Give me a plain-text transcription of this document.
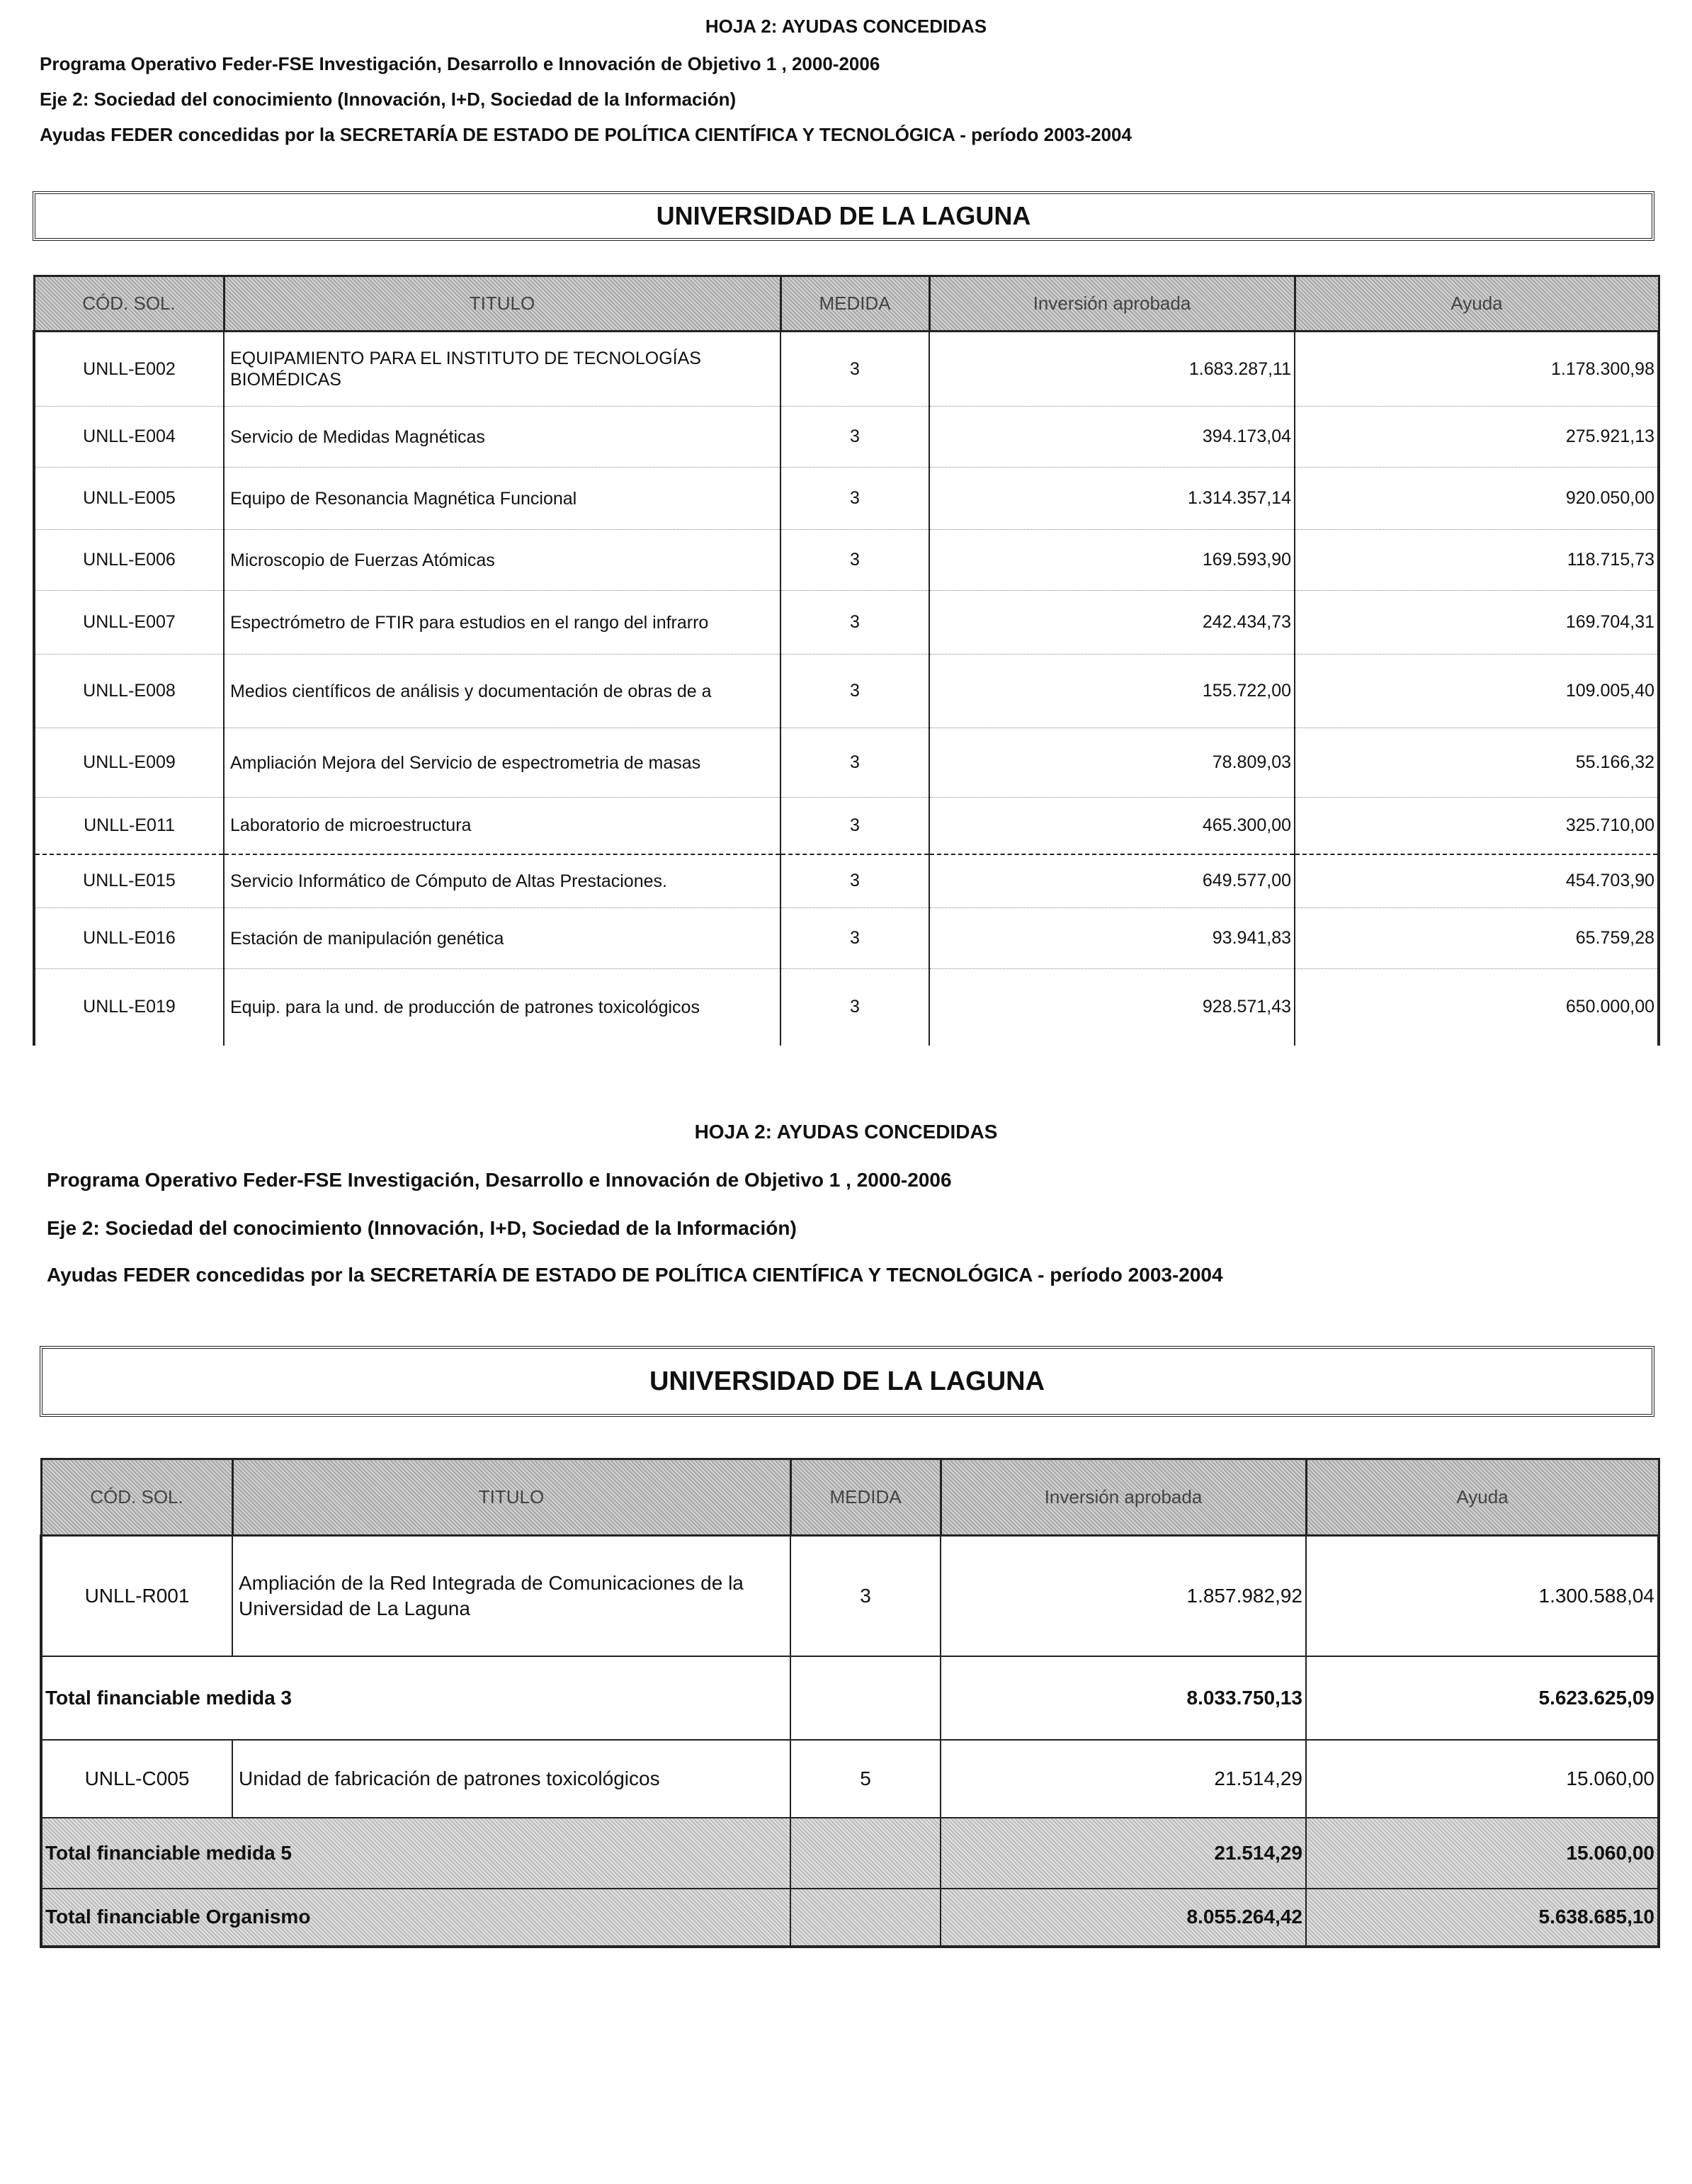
HOJA 2: AYUDAS CONCEDIDAS
Programa Operativo Feder-FSE Investigación, Desarrollo e Innovación de Objetivo 1 , 2000-2006
Eje 2: Sociedad del conocimiento (Innovación, I+D, Sociedad de la Información)
Ayudas FEDER concedidas por la SECRETARÍA DE ESTADO DE POLÍTICA CIENTÍFICA Y TECNOLÓGICA - período 2003-2004
UNIVERSIDAD DE LA LAGUNA
CÓD. SOL.	TITULO	MEDIDA	Inversión aprobada	Ayuda
UNLL-E002	EQUIPAMIENTO PARA EL INSTITUTO DE TECNOLOGÍAS BIOMÉDICAS	3	1.683.287,11	1.178.300,98
UNLL-E004	Servicio de Medidas Magnéticas	3	394.173,04	275.921,13
UNLL-E005	Equipo de Resonancia Magnética Funcional	3	1.314.357,14	920.050,00
UNLL-E006	Microscopio de Fuerzas Atómicas	3	169.593,90	118.715,73
UNLL-E007	Espectrómetro de FTIR para estudios en el rango del infrarro	3	242.434,73	169.704,31
UNLL-E008	Medios científicos de análisis y documentación de obras de a	3	155.722,00	109.005,40
UNLL-E009	Ampliación Mejora del Servicio de espectrometria de masas	3	78.809,03	55.166,32
UNLL-E011	Laboratorio de microestructura	3	465.300,00	325.710,00
UNLL-E015	Servicio Informático de Cómputo de Altas Prestaciones.	3	649.577,00	454.703,90
UNLL-E016	Estación de manipulación genética	3	93.941,83	65.759,28
UNLL-E019	Equip. para la und. de producción de patrones toxicológicos	3	928.571,43	650.000,00
HOJA 2: AYUDAS CONCEDIDAS
Programa Operativo Feder-FSE Investigación, Desarrollo e Innovación de Objetivo 1 , 2000-2006
Eje 2: Sociedad del conocimiento (Innovación, I+D, Sociedad de la Información)
Ayudas FEDER concedidas por la SECRETARÍA DE ESTADO DE POLÍTICA CIENTÍFICA Y TECNOLÓGICA - período 2003-2004
UNIVERSIDAD DE LA LAGUNA
CÓD. SOL.	TITULO	MEDIDA	Inversión aprobada	Ayuda
UNLL-R001	Ampliación de la Red Integrada de Comunicaciones de la Universidad de La Laguna	3	1.857.982,92	1.300.588,04
Total financiable medida 3			8.033.750,13	5.623.625,09
UNLL-C005	Unidad de fabricación de patrones toxicológicos	5	21.514,29	15.060,00
Total financiable medida 5			21.514,29	15.060,00
Total financiable Organismo			8.055.264,42	5.638.685,10
